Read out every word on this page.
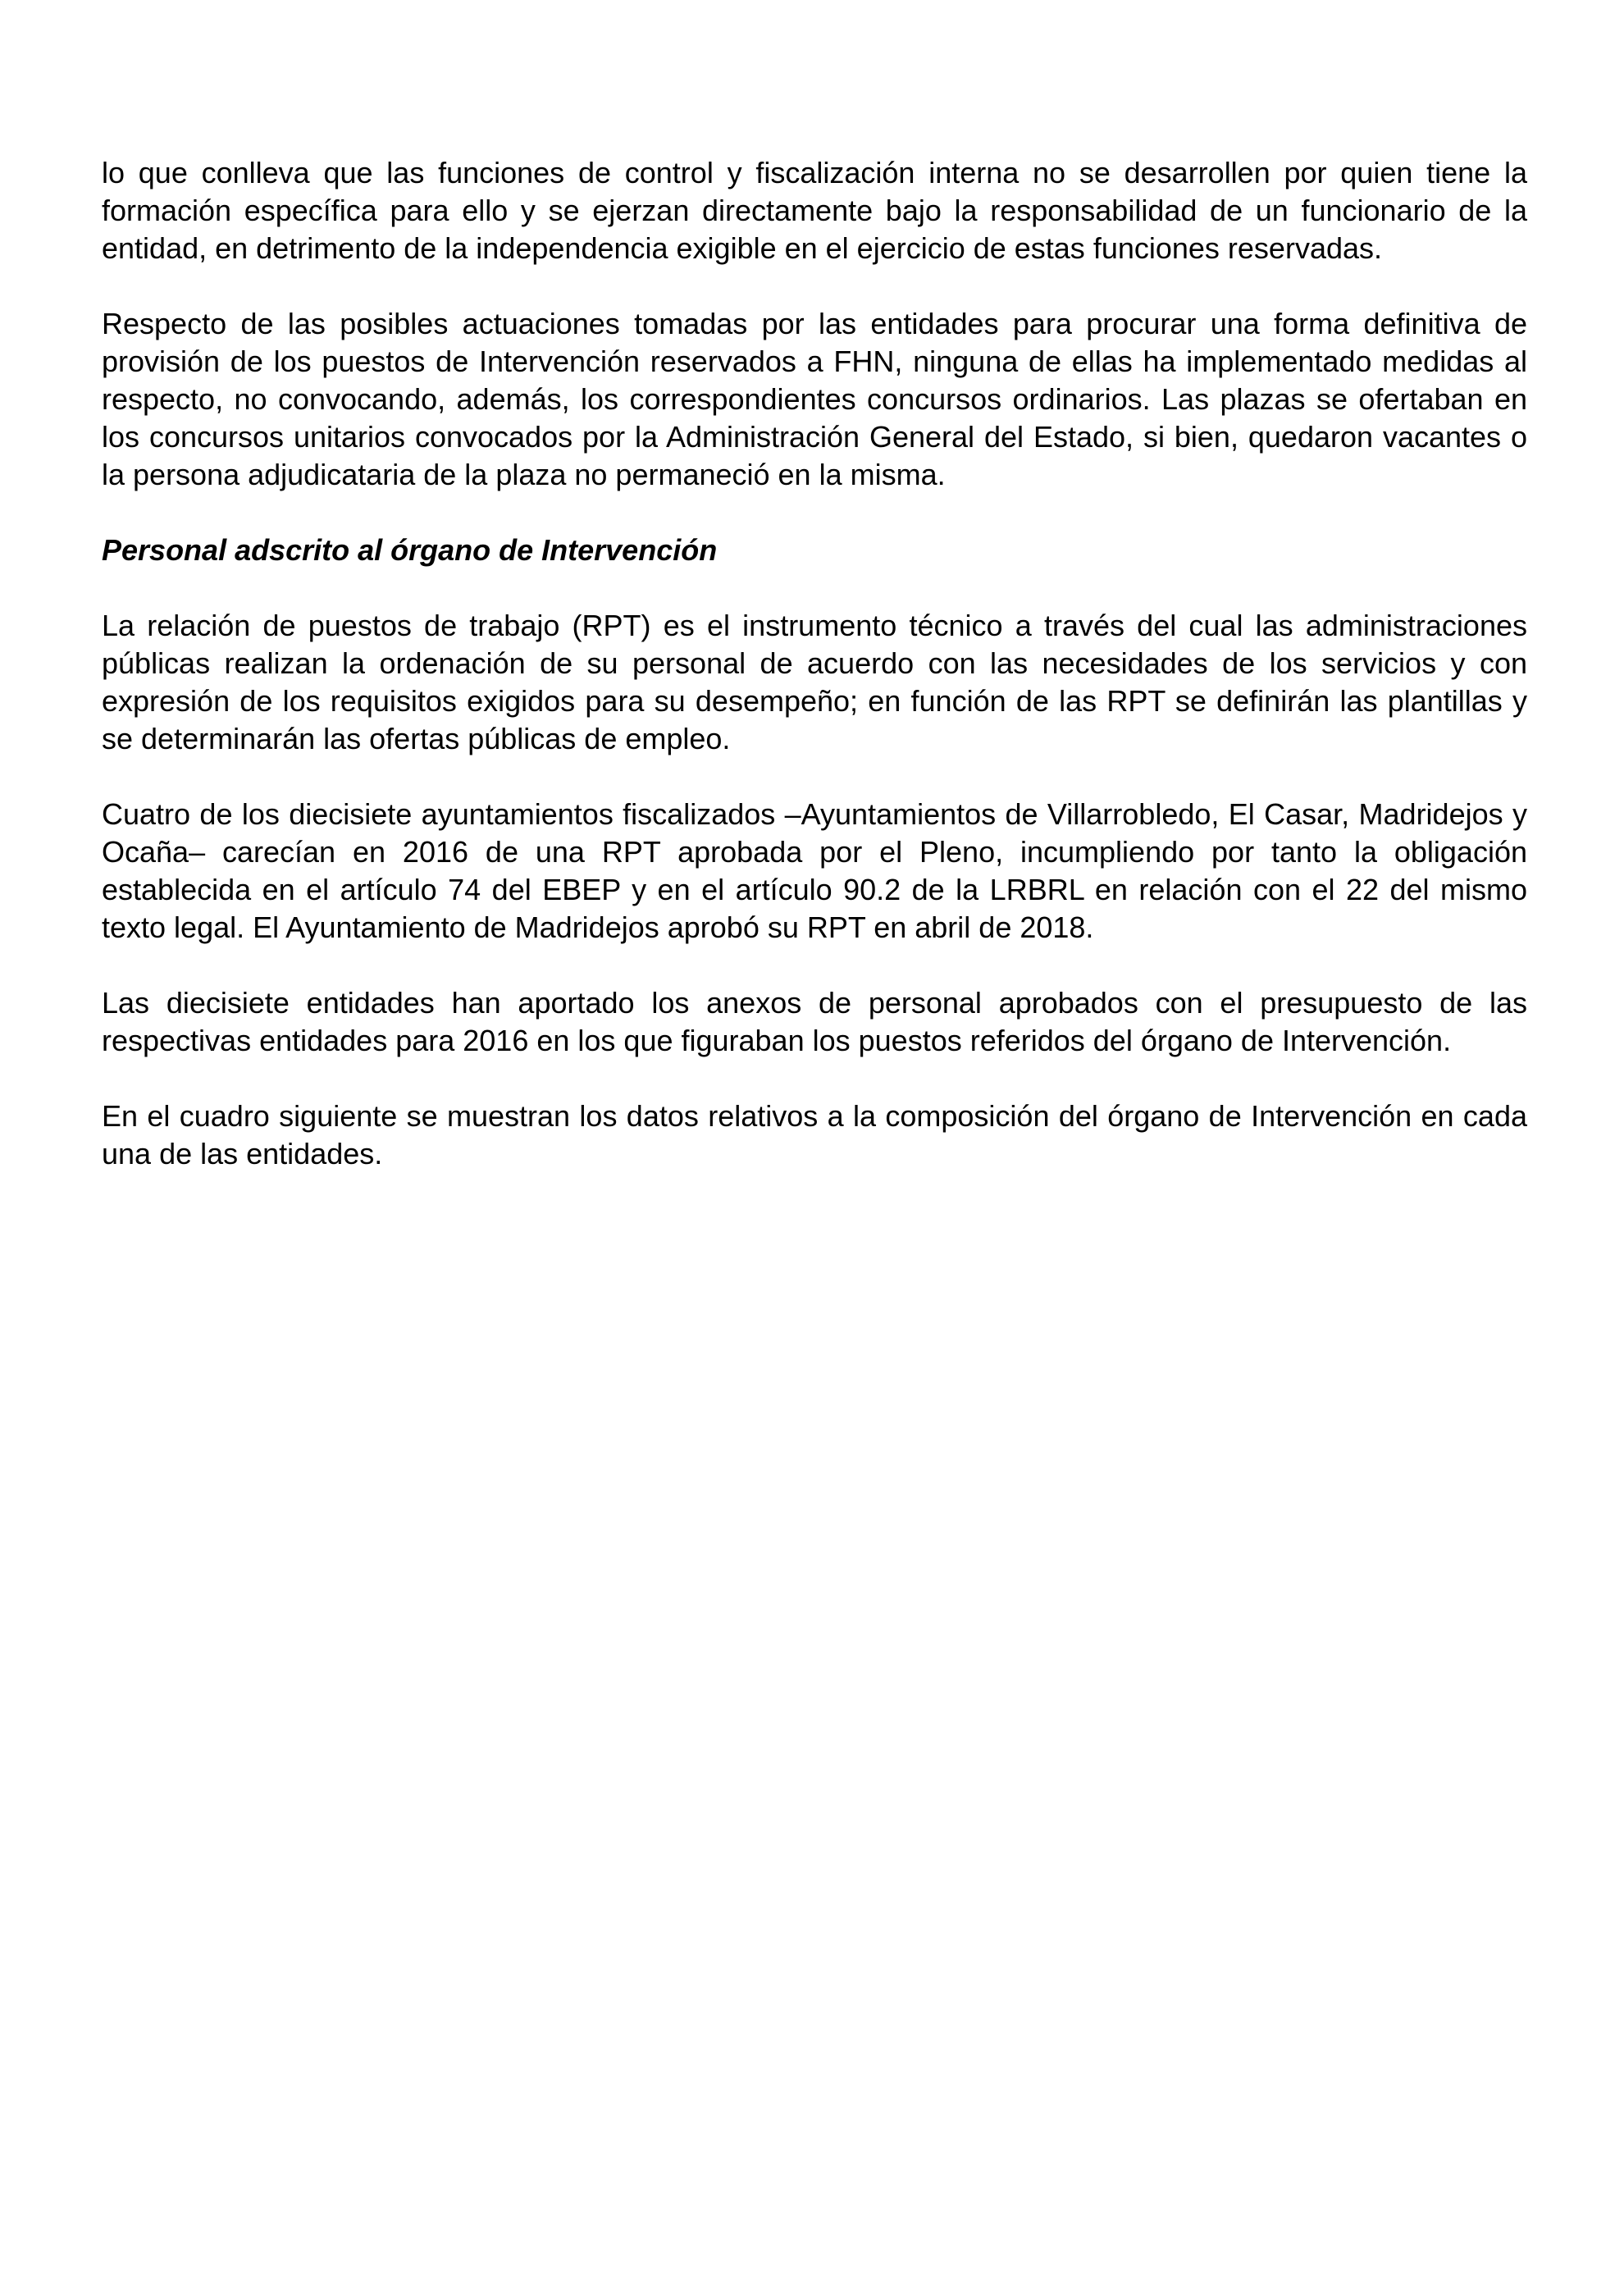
lo que conlleva que las funciones de control y fiscalización interna no se desarrollen por quien tiene la formación específica para ello y se ejerzan directamente bajo la responsabilidad de un funcionario de la entidad, en detrimento de la independencia exigible en el ejercicio de estas funciones reservadas.

Respecto de las posibles actuaciones tomadas por las entidades para procurar una forma definitiva de provisión de los puestos de Intervención reservados a FHN, ninguna de ellas ha implementado medidas al respecto, no convocando, además, los correspondientes concursos ordinarios. Las plazas se ofertaban en los concursos unitarios convocados por la Administración General del Estado, si bien, quedaron vacantes o la persona adjudicataria de la plaza no permaneció en la misma.

Personal adscrito al órgano de Intervención

La relación de puestos de trabajo (RPT) es el instrumento técnico a través del cual las administraciones públicas realizan la ordenación de su personal de acuerdo con las necesidades de los servicios y con expresión de los requisitos exigidos para su desempeño; en función de las RPT se definirán las plantillas y se determinarán las ofertas públicas de empleo.

Cuatro de los diecisiete ayuntamientos fiscalizados –Ayuntamientos de Villarrobledo, El Casar, Madridejos y Ocaña– carecían en 2016 de una RPT aprobada por el Pleno, incumpliendo por tanto la obligación establecida en el artículo 74 del EBEP y en el artículo 90.2 de la LRBRL en relación con el 22 del mismo texto legal. El Ayuntamiento de Madridejos aprobó su RPT en abril de 2018.

Las diecisiete entidades han aportado los anexos de personal aprobados con el presupuesto de las respectivas entidades para 2016 en los que figuraban los puestos referidos del órgano de Intervención.

En el cuadro siguiente se muestran los datos relativos a la composición del órgano de Intervención en cada una de las entidades.
